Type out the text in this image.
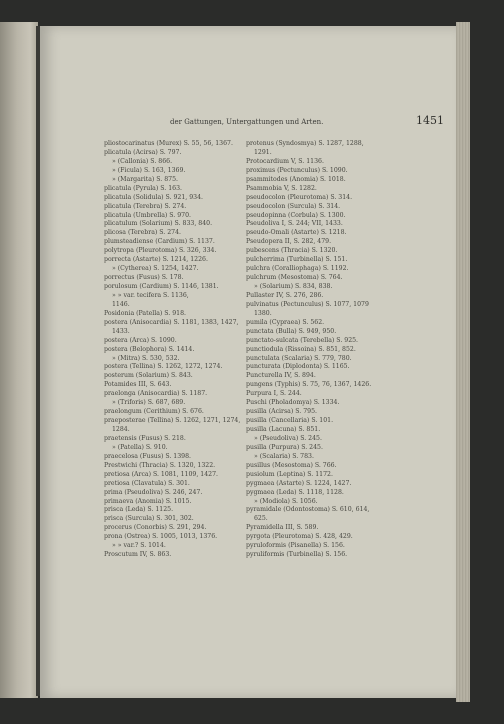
der Gattungen, Untergattungen und Arten.	1451
pliostocarinatus (Murex) S. 55, 56, 1367.
plicatula (Acirsa) S. 797.
» (Callonia) S. 866.
» (Ficula) S. 163, 1369.
» (Margarita) S. 875.
plicatula (Pyrula) S. 163.
plicatula (Solidula) S. 921, 934.
plicatula (Terebra) S. 274.
plicatula (Umbrella) S. 970.
plicatulum (Solarium) S. 833, 840.
plicosa (Terebra) S. 274.
plumsteadiense (Cardium) S. 1137.
polytropa (Pleurotoma) S. 326, 334.
porrecta (Astarte) S. 1214, 1226.
» (Cytherea) S. 1254, 1427.
porrectus (Fusus) S. 178.
porulosum (Cardium) S. 1146, 1381.
» » var. tecifera S. 1136,
1146.
Posidonia (Patella) S. 918.
postera (Anisocardia) S. 1181, 1383, 1427,
1433.
postera (Arca) S. 1090.
postera (Belophora) S. 1414.
» (Mitra) S. 530, 532.
postera (Tellina) S. 1262, 1272, 1274.
posterum (Solarium) S. 843.
Potamides III, S. 643.
praelonga (Anisocardia) S. 1187.
» (Triforis) S. 687, 689.
praelongum (Cerithium) S. 676.
praeposterae (Tellina) S. 1262, 1271, 1274,
1284.
praetensis (Fusus) S. 218.
» (Patella) S. 910.
praecelosa (Fusus) S. 1398.
Prestwichi (Thracia) S. 1320, 1322.
pretiosa (Arca) S. 1081, 1109, 1427.
pretiosa (Clavatula) S. 301.
prima (Pseudoliva) S. 246, 247.
primaeva (Anomia) S. 1015.
prisca (Leda) S. 1125.
prisca (Surcula) S. 301, 302.
procerus (Conorbis) S. 291, 294.
prona (Ostrea) S. 1005, 1013, 1376.
» » var.? S. 1014.
Proscutum IV, S. 863.
protenus (Syndosmya) S. 1287, 1288,
1291.
Protocardium V, S. 1136.
proximus (Pectunculus) S. 1090.
psammitodes (Anomia) S. 1018.
Psammobia V, S. 1282.
pseudocolon (Pleurotoma) S. 314.
pseudocolon (Surcula) S. 314.
pseudopinna (Corbula) S. 1300.
Pseudoliva I, S. 244; VII, 1433.
pseudo-Omali (Astarte) S. 1218.
Pseudopera II, S. 282, 479.
pubescens (Thracia) S. 1320.
pulcherrima (Turbinella) S. 151.
pulchra (Coralliophaga) S. 1192.
pulchrum (Mesostoma) S. 764.
» (Solarium) S. 834, 838.
Pullaster IV, S. 276, 286.
pulvinatus (Pectunculus) S. 1077, 1079
1380.
pumila (Cypraea) S. 562.
punctata (Bulla) S. 949, 950.
punctato-sulcata (Terebella) S. 925.
punctiodula (Rissoina) S. 851, 852.
punctulata (Scalaria) S. 779, 780.
puncturata (Diplodonta) S. 1165.
Puncturella IV, S. 894.
pungens (Typhis) S. 75, 76, 1367, 1426.
Purpura I, S. 244.
Puschi (Pholadomya) S. 1334.
pusilla (Acirsa) S. 795.
pusilla (Cancellaria) S. 101.
pusilla (Lacuna) S. 851.
» (Pseudoliva) S. 245.
pusilla (Purpura) S. 245.
» (Scalaria) S. 783.
pusillus (Mesostoma) S. 766.
pusiolum (Leptina) S. 1172.
pygmaea (Astarte) S. 1224, 1427.
pygmaea (Leda) S. 1118, 1128.
» (Modiola) S. 1056.
pyramidale (Odontostoma) S. 610, 614,
625.
Pyramidella III, S. 589.
pyrgota (Pleurotoma) S. 428, 429.
pyruloformis (Pisanella) S. 156.
pyruliformis (Turbinella) S. 156.
